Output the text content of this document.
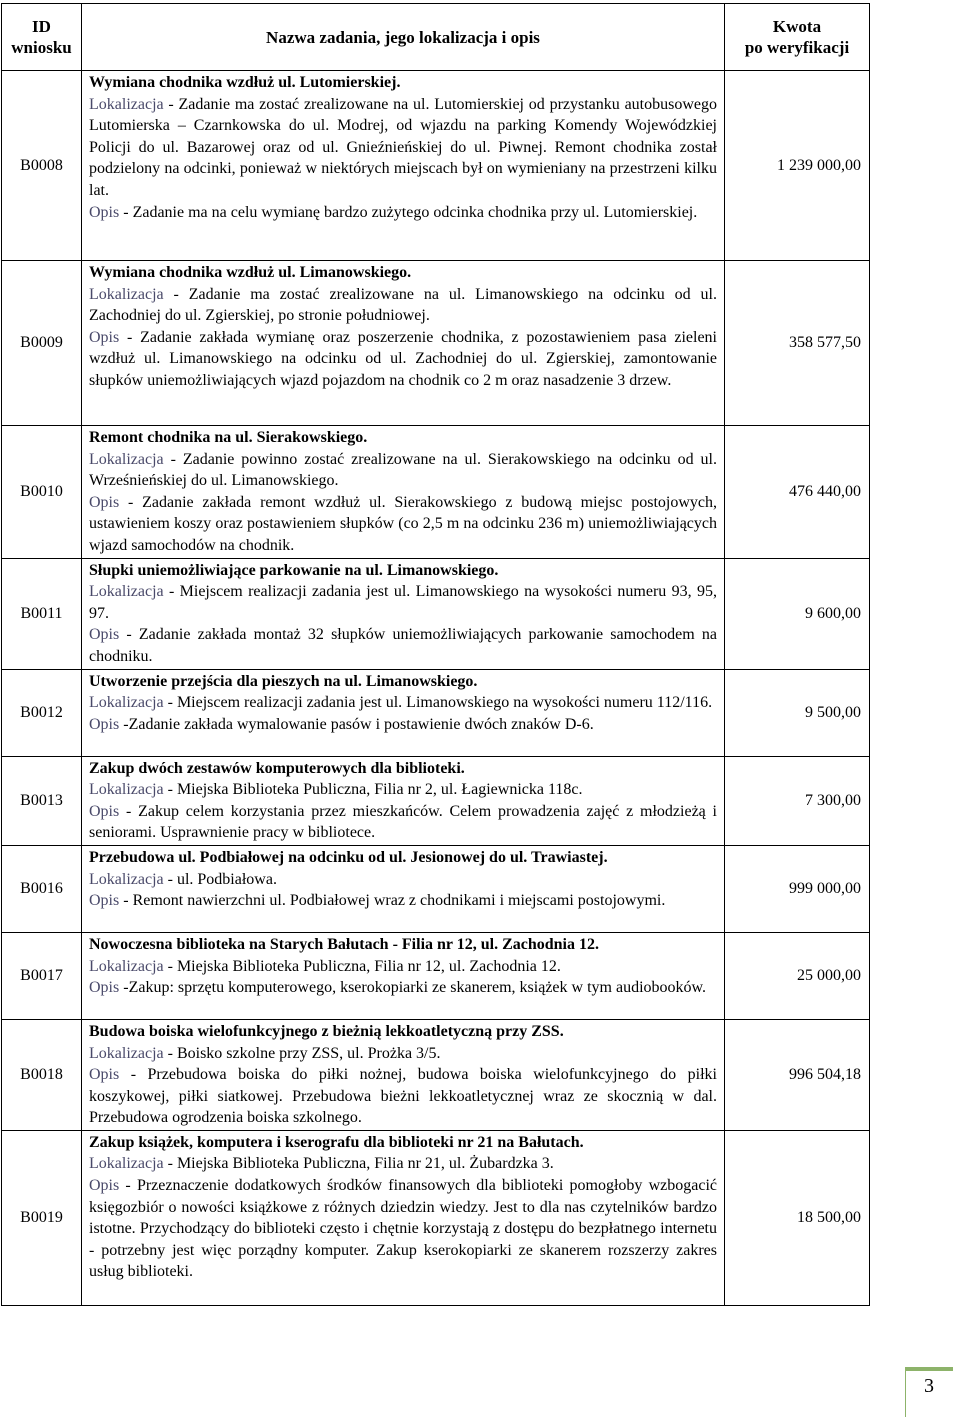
ID
wniosku	Nazwa zadania, jego lokalizacja i opis	Kwota
po weryfikacji
B0008	Wymiana chodnika wzdłuż ul. Lutomierskiej.
Lokalizacja - Zadanie ma zostać zrealizowane na ul. Lutomierskiej od przystanku autobusowego Lutomierska – Czarnkowska do ul. Modrej, od wjazdu na parking Komendy Wojewódzkiej Policji do ul. Bazarowej oraz od ul. Gnieźnieńskiej do ul. Piwnej. Remont chodnika został podzielony na odcinki, ponieważ w niektórych miejscach był on wymieniany na przestrzeni kilku lat.
Opis - Zadanie ma na celu wymianę bardzo zużytego odcinka chodnika przy ul. Lutomierskiej.	1 239 000,00
B0009	Wymiana chodnika wzdłuż ul. Limanowskiego.
Lokalizacja - Zadanie ma zostać zrealizowane na ul. Limanowskiego na odcinku od ul. Zachodniej do ul. Zgierskiej, po stronie południowej.
Opis - Zadanie zakłada wymianę oraz poszerzenie chodnika, z pozostawieniem pasa zieleni wzdłuż ul. Limanowskiego na odcinku od ul. Zachodniej do ul. Zgierskiej, zamontowanie słupków uniemożliwiających wjazd pojazdom na chodnik co 2 m oraz nasadzenie 3 drzew.	358 577,50
B0010	Remont chodnika na ul. Sierakowskiego.
Lokalizacja - Zadanie powinno zostać zrealizowane na ul. Sierakowskiego na odcinku od ul. Wrześnieńskiej do ul. Limanowskiego.
Opis - Zadanie zakłada remont wzdłuż ul. Sierakowskiego z budową miejsc postojowych, ustawieniem koszy oraz postawieniem słupków (co 2,5 m na odcinku 236 m) uniemożliwiających wjazd samochodów na chodnik.	476 440,00
B0011	Słupki uniemożliwiające parkowanie na ul. Limanowskiego.
Lokalizacja - Miejscem realizacji zadania jest ul. Limanowskiego na wysokości numeru 93, 95, 97.
Opis - Zadanie zakłada montaż 32 słupków uniemożliwiających parkowanie samochodem na chodniku.	9 600,00
B0012	Utworzenie przejścia dla pieszych na ul. Limanowskiego.
Lokalizacja - Miejscem realizacji zadania jest ul. Limanowskiego na wysokości numeru 112/116.
Opis -Zadanie zakłada wymalowanie pasów i postawienie dwóch znaków D-6.	9 500,00
B0013	Zakup dwóch zestawów komputerowych dla biblioteki.
Lokalizacja - Miejska Biblioteka Publiczna, Filia nr 2, ul. Łagiewnicka 118c.
Opis - Zakup celem korzystania przez mieszkańców. Celem prowadzenia zajęć z młodzieżą i seniorami. Usprawnienie pracy w bibliotece.	7 300,00
B0016	Przebudowa ul. Podbiałowej na odcinku od ul. Jesionowej do ul. Trawiastej.
Lokalizacja - ul. Podbiałowa.
Opis - Remont nawierzchni ul. Podbiałowej wraz z chodnikami i miejscami postojowymi.	999 000,00
B0017	Nowoczesna biblioteka na Starych Bałutach - Filia nr 12, ul. Zachodnia 12.
Lokalizacja - Miejska Biblioteka Publiczna, Filia nr 12, ul. Zachodnia 12.
Opis -Zakup: sprzętu komputerowego, kserokopiarki ze skanerem, książek w tym audiobooków.	25 000,00
B0018	Budowa boiska wielofunkcyjnego z bieżnią lekkoatletyczną przy ZSS.
Lokalizacja - Boisko szkolne przy ZSS, ul. Prożka 3/5.
Opis - Przebudowa boiska do piłki nożnej, budowa boiska wielofunkcyjnego do piłki koszykowej, piłki siatkowej. Przebudowa bieżni lekkoatletycznej wraz ze skocznią w dal. Przebudowa ogrodzenia boiska szkolnego.	996 504,18
B0019	Zakup książek, komputera i kserografu dla biblioteki nr 21 na Bałutach.
Lokalizacja - Miejska Biblioteka Publiczna, Filia nr 21, ul. Żubardzka 3.
Opis - Przeznaczenie dodatkowych środków finansowych dla biblioteki pomogłoby wzbogacić księgozbiór o nowości książkowe z różnych dziedzin wiedzy. Jest to dla nas czytelników bardzo istotne. Przychodzący do biblioteki często i chętnie korzystają z dostępu do bezpłatnego internetu - potrzebny jest więc porządny komputer. Zakup kserokopiarki ze skanerem rozszerzy zakres usług biblioteki.	18 500,00
3
